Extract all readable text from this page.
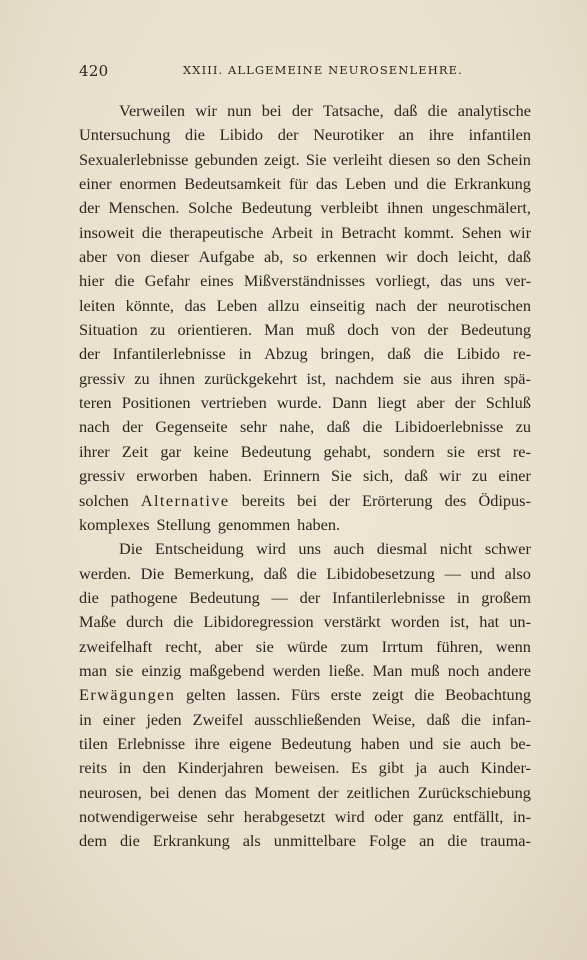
420	XXIII. ALLGEMEINE NEUROSENLEHRE.
Verweilen wir nun bei der Tatsache, daß die analytische
Untersuchung die Libido der Neurotiker an ihre infantilen
Sexualerlebnisse gebunden zeigt. Sie verleiht diesen so den Schein
einer enormen Bedeutsamkeit für das Leben und die Erkrankung
der Menschen. Solche Bedeutung verbleibt ihnen ungeschmälert,
insoweit die therapeutische Arbeit in Betracht kommt. Sehen wir
aber von dieser Aufgabe ab, so erkennen wir doch leicht, daß
hier die Gefahr eines Mißverständnisses vorliegt, das uns ver-
leiten könnte, das Leben allzu einseitig nach der neurotischen
Situation zu orientieren. Man muß doch von der Bedeutung
der Infantilerlebnisse in Abzug bringen, daß die Libido re-
gressiv zu ihnen zurückgekehrt ist, nachdem sie aus ihren spä-
teren Positionen vertrieben wurde. Dann liegt aber der Schluß
nach der Gegenseite sehr nahe, daß die Libidoerlebnisse zu
ihrer Zeit gar keine Bedeutung gehabt, sondern sie erst re-
gressiv erworben haben. Erinnern Sie sich, daß wir zu einer
solchen Alternative bereits bei der Erörterung des Ödipus-
komplexes Stellung genommen haben.
Die Entscheidung wird uns auch diesmal nicht schwer
werden. Die Bemerkung, daß die Libidobesetzung — und also
die pathogene Bedeutung — der Infantilerlebnisse in großem
Maße durch die Libidoregression verstärkt worden ist, hat un-
zweifelhaft recht, aber sie würde zum Irrtum führen, wenn
man sie einzig maßgebend werden ließe. Man muß noch andere
Erwägungen gelten lassen. Fürs erste zeigt die Beobachtung
in einer jeden Zweifel ausschließenden Weise, daß die infan-
tilen Erlebnisse ihre eigene Bedeutung haben und sie auch be-
reits in den Kinderjahren beweisen. Es gibt ja auch Kinder-
neurosen, bei denen das Moment der zeitlichen Zurückschiebung
notwendigerweise sehr herabgesetzt wird oder ganz entfällt, in-
dem die Erkrankung als unmittelbare Folge an die trauma-
